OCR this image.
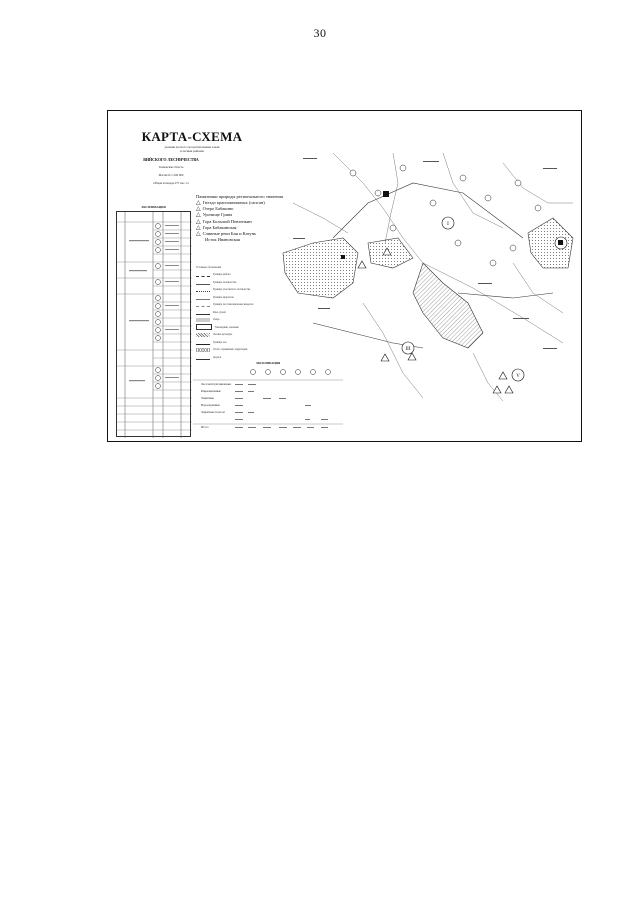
30
КАРТА-СХЕМА
деления лесов по лесорастительным зонам
и лесным районам
ВИЙСКОГО ЛЕСНИЧЕСТВА
Тюменская область
Масштаб 1:100 000
Общая площадь 275 тыс. га
ЭКСПЛИКАЦИЯ
Памятники природы регионального значения
△ Гнездо краснокнижных (сапсан)
△ Озеро Бабакино
△ Урочище Грива
△ Гора Большой Пензенкин
△ Гора Бабакинская
△ Сливные реки Бия и Катунь
Исток Ивановская
Условные обозначения
Граница района
Граница лесничества
Граница участкового лесничества
Граница кварталов
Граница лесотаксационных выделов
Река, ручей
Озеро
Заповедник, заказник
Лесные культуры
Граница зон
Особо охраняемые территории
Дороги
ЭКСПЛИКАЦИЯ
Лесоэксплуатационные
Рекреационные
Защитные
Водоохранные
Запретные полосы
Итого
I
III
V
